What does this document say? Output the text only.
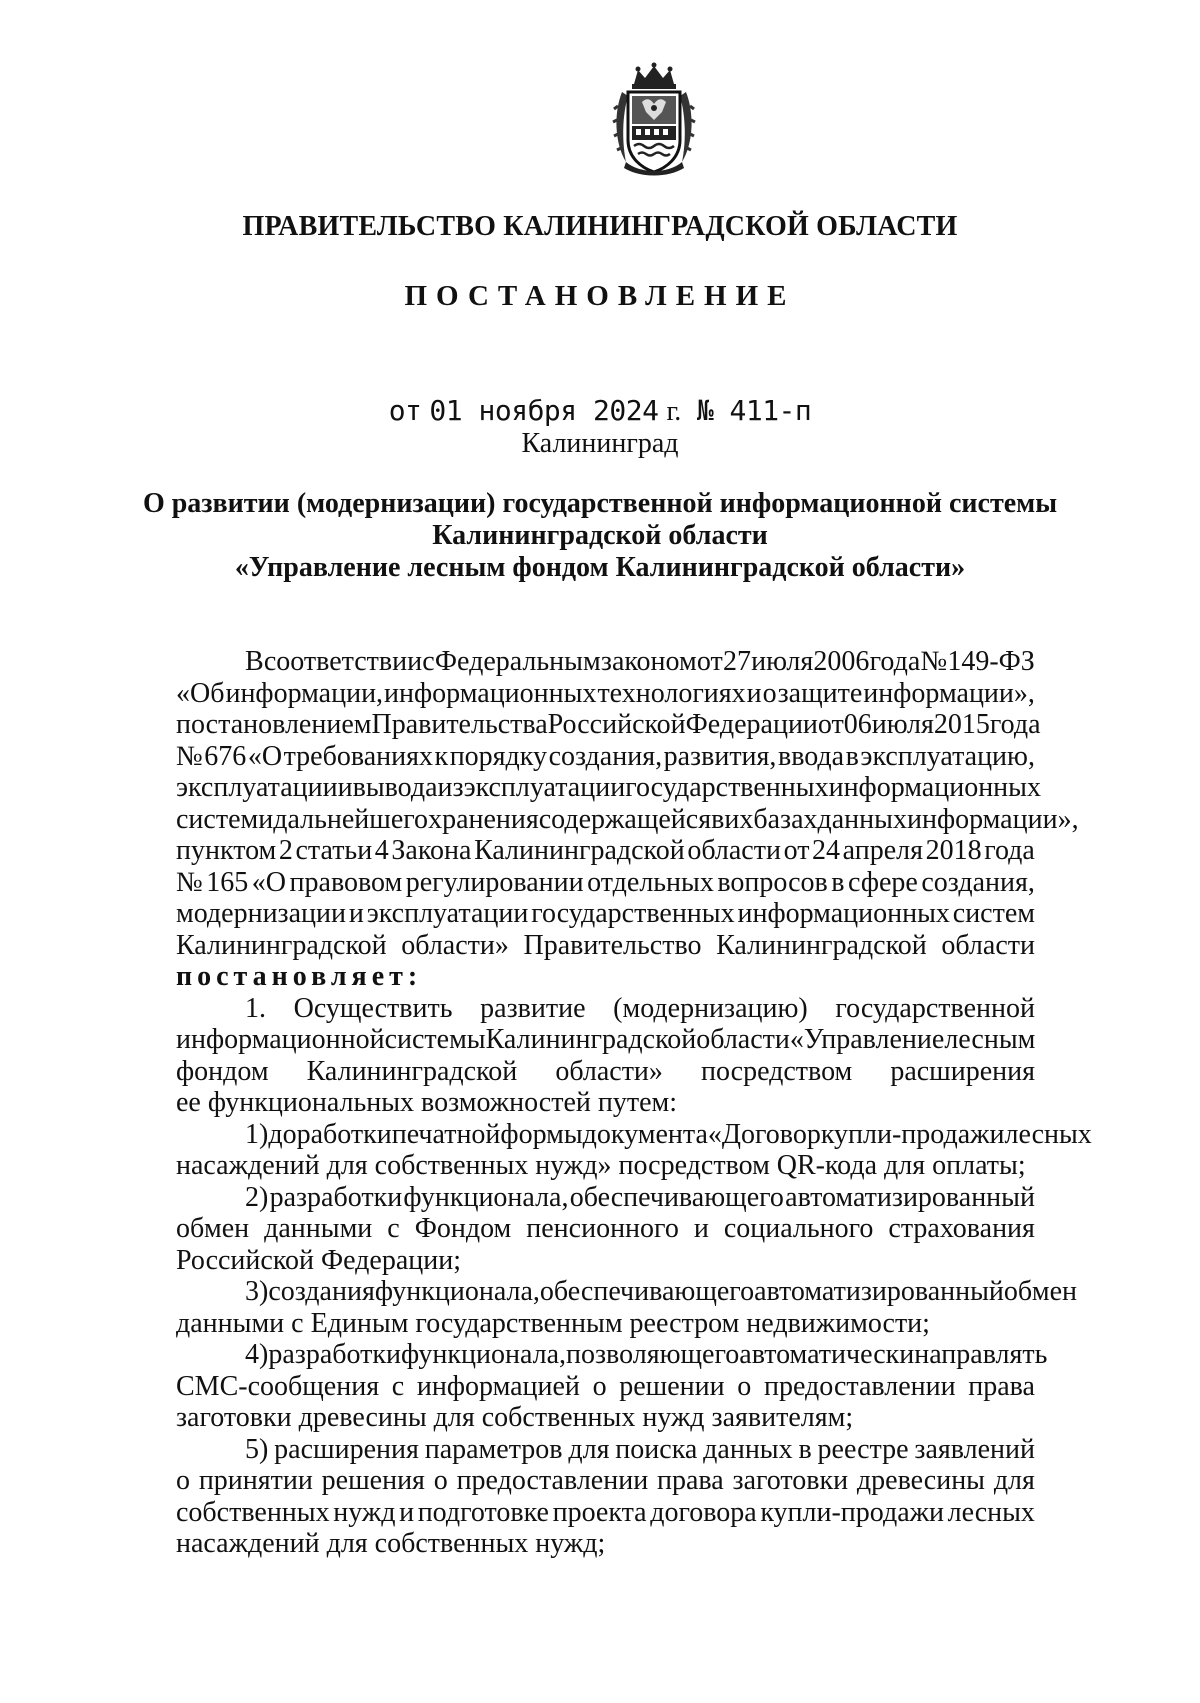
ПРАВИТЕЛЬСТВО КАЛИНИНГРАДСКОЙ ОБЛАСТИ
ПОСТАНОВЛЕНИЕ
от 01 ноября 2024 г. № 411-п
Калининград
О развитии (модернизации) государственной информационной системы
Калининградской области
«Управление лесным фондом Калининградской области»
В соответствии с Федеральным законом от 27 июля 2006 года № 149-ФЗ
«Об информации, информационных технологиях и о защите информации»,
постановлением Правительства Российской Федерации от 06 июля 2015 года
№ 676 «О требованиях к порядку создания, развития, ввода в эксплуатацию,
эксплуатации и вывода из эксплуатации государственных информационных
систем и дальнейшего хранения содержащейся в их базах данных информации»,
пунктом 2 статьи 4 Закона Калининградской области от 24 апреля 2018 года
№ 165 «О правовом регулировании отдельных вопросов в сфере создания,
модернизации и эксплуатации государственных информационных систем
Калининградской области» Правительство Калининградской области
постановляет:
1. Осуществить развитие (модернизацию) государственной
информационной системы Калининградской области «Управление лесным
фондом Калининградской области» посредством расширения
ее функциональных возможностей путем:
1) доработки печатной формы документа «Договор купли-продажи лесных
насаждений для собственных нужд» посредством QR-кода для оплаты;
2) разработки функционала, обеспечивающего автоматизированный
обмен данными с Фондом пенсионного и социального страхования
Российской Федерации;
3) создания функционала, обеспечивающего автоматизированный обмен
данными с Единым государственным реестром недвижимости;
4) разработки функционала, позволяющего автоматически направлять
СМС-сообщения с информацией о решении о предоставлении права
заготовки древесины для собственных нужд заявителям;
5) расширения параметров для поиска данных в реестре заявлений
о принятии решения о предоставлении права заготовки древесины для
собственных нужд и подготовке проекта договора купли-продажи лесных
насаждений для собственных нужд;
